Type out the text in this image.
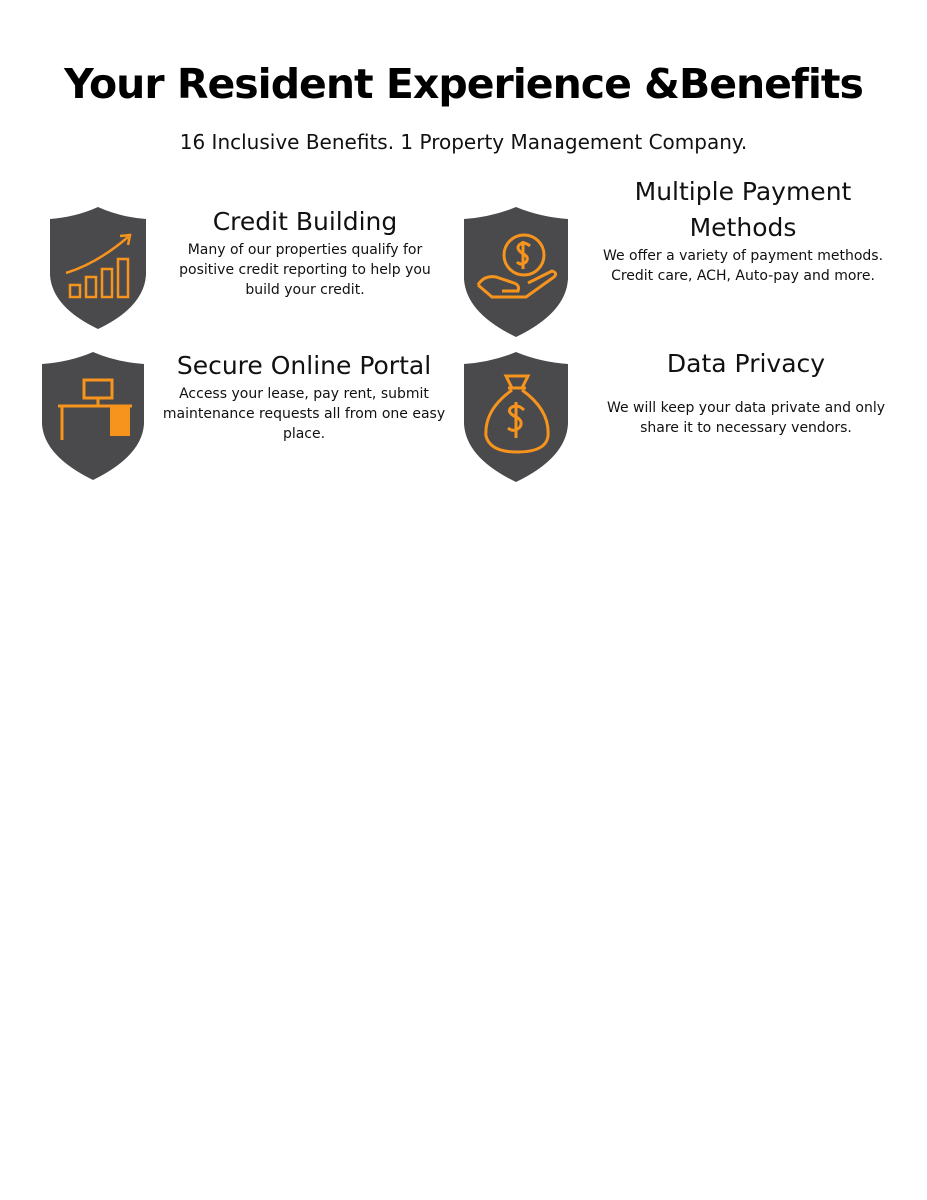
Your Resident Experience &Benefits

16 Inclusive Benefits. 1 Property Management Company.

Credit Building

Many of our properties qualify for positive credit reporting to help you build your credit.

Multiple Payment Methods

We offer a variety of payment methods. Credit care, ACH, Auto-pay and more.

Secure Online Portal

Access your lease, pay rent, submit maintenance requests all from one easy place.

Data Privacy

We will keep your data private and only share it to necessary vendors.
